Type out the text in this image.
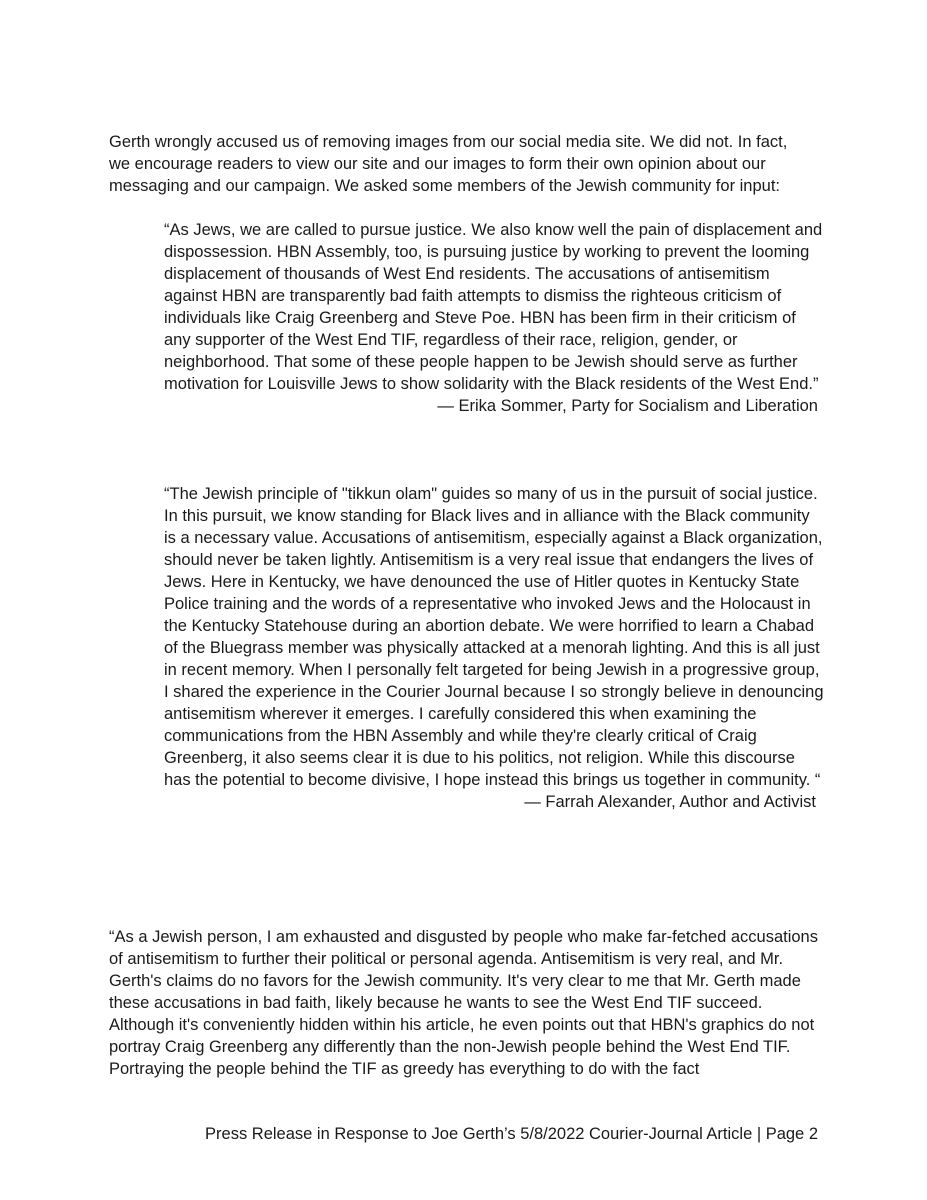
Gerth wrongly accused us of removing images from our social media site. We did not. In fact, we encourage readers to view our site and our images to form their own opinion about our messaging and our campaign. We asked some members of the Jewish community for input:

“As Jews, we are called to pursue justice. We also know well the pain of displacement and dispossession. HBN Assembly, too, is pursuing justice by working to prevent the looming displacement of thousands of West End residents. The accusations of antisemitism against HBN are transparently bad faith attempts to dismiss the righteous criticism of individuals like Craig Greenberg and Steve Poe. HBN has been firm in their criticism of any supporter of the West End TIF, regardless of their race, religion, gender, or neighborhood. That some of these people happen to be Jewish should serve as further motivation for Louisville Jews to show solidarity with the Black residents of the West End.”

— Erika Sommer, Party for Socialism and Liberation

“The Jewish principle of "tikkun olam" guides so many of us in the pursuit of social justice. In this pursuit, we know standing for Black lives and in alliance with the Black community is a necessary value. Accusations of antisemitism, especially against a Black organization, should never be taken lightly. Antisemitism is a very real issue that endangers the lives of Jews. Here in Kentucky, we have denounced the use of Hitler quotes in Kentucky State Police training and the words of a representative who invoked Jews and the Holocaust in the Kentucky Statehouse during an abortion debate. We were horrified to learn a Chabad of the Bluegrass member was physically attacked at a menorah lighting. And this is all just in recent memory. When I personally felt targeted for being Jewish in a progressive group, I shared the experience in the Courier Journal because I so strongly believe in denouncing antisemitism wherever it emerges. I carefully considered this when examining the communications from the HBN Assembly and while they're clearly critical of Craig Greenberg, it also seems clear it is due to his politics, not religion. While this discourse has the potential to become divisive, I hope instead this brings us together in community. “

— Farrah Alexander, Author and Activist

“As a Jewish person, I am exhausted and disgusted by people who make far-fetched accusations of antisemitism to further their political or personal agenda. Antisemitism is very real, and Mr. Gerth's claims do no favors for the Jewish community. It's very clear to me that Mr. Gerth made these accusations in bad faith, likely because he wants to see the West End TIF succeed. Although it's conveniently hidden within his article, he even points out that HBN's graphics do not portray Craig Greenberg any differently than the non-Jewish people behind the West End TIF. Portraying the people behind the TIF as greedy has everything to do with the fact

Press Release in Response to Joe Gerth’s 5/8/2022 Courier-Journal Article | Page 2
